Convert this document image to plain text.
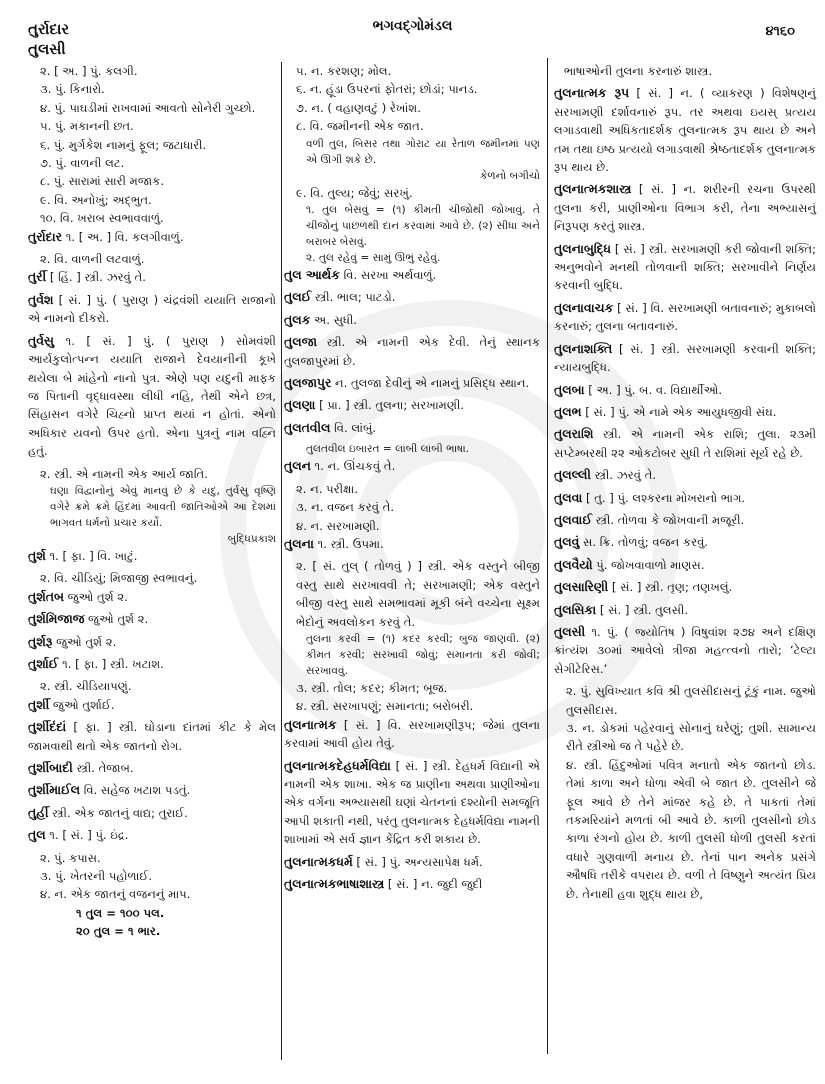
તુર્રાદાર
તુલસી
ભગવદ્ગોમંડલ	૪૧૬૦
૨. [ અ. ] પું. કલગી.
૩. પું. કિનારો.
૪. પું. પાઘડીમાં રાખવામાં આવતો સોનેરી ગુચ્છો.
૫. પું. મકાનની છત.
૬. પું. મુર્ગકેશ નામનું ફૂલ; જટાધારી.
૭. પું. વાળની લટ.
૮. પું. સારામાં સારી મજાક.
૯. વિ. અનોખું; અદ્ભુત.
૧૦. વિ. ખરાબ સ્વભાવવાળું.
તુર્રાદાર ૧. [ અ. ] વિ. કલગીવાળું.
૨. વિ. વાળની લટવાળું.
તુર્રી [ હિં. ] સ્ત્રી. ઝરવું તે.
તુર્વશ [ સં. ] પું. ( પુરાણ ) ચંદ્રવંશી યયાતિ રાજાનો એ નામનો દીકરો.
તુર્વસુ ૧. [ સં. ] પું. ( પુરાણ ) સોમવંશી આર્યકુલોત્પન્ન યયાતિ રાજાને દેવયાનીની કૂખે થયેલા બે માંહેનો નાનો પુત્ર. એણે પણ યદુની માફક જ પિતાની વૃદ્ધાવસ્થા લીધી નહિ, તેથી એને છત્ર, સિંહાસન વગેરે ચિહ્નો પ્રાપ્ત થયાં ન હોતાં. એનો અધિકાર યવનો ઉપર હતો. એના પુત્રનું નામ વહ્નિ હતું.
૨. સ્ત્રી. એ નામની એક આર્ય જાતિ.
ઘણા વિદ્વાનોનું એવું માનવું છે કે યદુ, તુર્વસુ વૃષ્ણિ વગેરે ક્રમે ક્રમે હિંદમાં આવતી જાતિઓએ આ દેશમાં ભાગવત ધર્મનો પ્રચાર કર્યો.
બુદ્ધિપ્રકાશ
તુર્શ ૧. [ ફા. ] વિ. ખાટું.
૨. વિ. ચીડિયું; મિજાજી સ્વભાવનું.
તુર્શતબ જુઓ તુર્શ ૨.
તુર્શમિજાજ જુઓ તુર્શ ૨.
તુર્શરૂ જુઓ તુર્શ ૨.
તુર્શાઈ ૧. [ ફા. ] સ્ત્રી. ખટાશ.
૨. સ્ત્રી. ચીડિયાપણું.
તુર્શી જુઓ તુર્શાઈ.
તુર્શીદંદાં [ ફા. ] સ્ત્રી. ઘોડાના દાંતમાં કીટ કે મેલ જામવાથી થતો એક જાતનો રોગ.
તુર્શીબાદી સ્ત્રી. તેજાબ.
તુર્શીમાઈલ વિ. સહેજ ખટાશ પડતું.
તુર્હી સ્ત્રી. એક જાતનું વાદ્ય; તુરાઈ.
તુલ ૧. [ સં. ] પું. ઇંદ્ર.
૨. પું. કપાસ.
૩. પું. ખેતરની પહોળાઈ.
૪. ન. એક જાતનું વજનનું માપ.
૧ તુલ = ૧૦૦ પલ.
૨૦ તુલ = ૧ ભાર.
૫. ન. કરશણ; મોલ.
૬. ન. હૂંડા ઉપરનાં ફોતરાં; છોડાં; પાનડ.
૭. ન. ( વહાણવટું ) રેખાંશ.
૮. વિ. જમીનની એક જાત.
વળી તુલ, બિસર તથા ગોરાટ યા રેતાળ જમીનમાં પણ એ ઊગી શકે છે.
કેળનો બગીચો
૯. વિ. તુલ્ય; જેવું; સરખું.
૧. તુલ બેસવું = (૧) કીમતી ચીજોથી જોખાવું. તે ચીજોનું પાછળથી દાન કરવામાં આવે છે. (૨) સીધા અને બરાબર બેસવું.
૨. તુલ રહેવું = સામું ઊભું રહેવું.
તુલ આર્થક વિ. સરખા અર્થવાળું.
તુલઈ સ્ત્રી. ભાલ; પાટડો.
તુલક અ. સુધી.
તુલજા સ્ત્રી. એ નામની એક દેવી. તેનું સ્થાનક તુલજાપુરમાં છે.
તુલજાપુર ન. તુલજા દેવીનું એ નામનું પ્રસિદ્ધ સ્થાન.
તુલણા [ પ્રા. ] સ્ત્રી. તુલના; સરખામણી.
તુલતવીલ વિ. લાંબું.
તુલતવીલ ઇબારત = લાંબી લાંબી ભાષા.
તુલન ૧. ન. ઊંચકવું તે.
૨. ન. પરીક્ષા.
૩. ન. વજન કરવું તે.
૪. ન. સરખામણી.
તુલના ૧. સ્ત્રી. ઉપમા.
૨. [ સં. તુલ્ ( તોળવું ) ] સ્ત્રી. એક વસ્તુને બીજી વસ્તુ સાથે સરખાવવી તે; સરખામણી; એક વસ્તુને બીજી વસ્તુ સાથે સમભાવમાં મૂકી બંને વચ્ચેના સૂક્ષ્મ ભેદોનું અવલોકન કરવું તે.
તુલના કરવી = (૧) કદર કરવી; બુજ જાણવી. (૨) કીમત કરવી; સરખાવી જોવું; સમાનતા કરી જોવી; સરખાવવું.
૩. સ્ત્રી. તોલ; કદર; કીમત; બૂજ.
૪. સ્ત્રી. સરખાપણું; સમાનતા; બરોબરી.
તુલનાત્મક [ સં. ] વિ. સરખામણીરૂપ; જેમાં તુલના કરવામાં આવી હોય તેવું.
તુલનાત્મકદેહધર્મવિદ્યા [ સં. ] સ્ત્રી. દેહધર્મ વિદ્યાની એ નામની એક શાખા. એક જ પ્રાણીના અથવા પ્રાણીઓના એક વર્ગના અભ્યાસથી ઘણાં ચેતનનાં દશ્યોની સમજૂતિ આપી શકાતી નથી, પરંતુ તુલનાત્મક દેહધર્મવિદ્યા નામની શાખામાં એ સર્વ જ્ઞાન કેંદ્રિત કરી શકાય છે.
તુલનાત્મકધર્મ [ સં. ] પું. અન્યસાપેક્ષ ધર્મ.
તુલનાત્મકભાષાશાસ્ત્ર [ સં. ] ન. જુદી જુદી
ભાષાઓની તુલના કરનારું શાસ્ત્ર.
તુલનાત્મક રૂપ [ સં. ] ન. ( વ્યાકરણ ) વિશેષણનું સરખામણી દર્શાવનારું રૂપ. તર અથવા ઇયસ્ પ્રત્યય લગાડવાથી અધિકતાદર્શક તુલનાત્મક રૂપ થાય છે અને તમ તથા ઇષ્ઠ પ્રત્યયો લગાડવાથી શ્રેષ્ઠતાદર્શક તુલનાત્મક રૂપ થાય છે.
તુલનાત્મકશાસ્ત્ર [ સં. ] ન. શરીરની રચના ઉપરથી તુલના કરી, પ્રાણીઓના વિભાગ કરી, તેના અભ્યાસનું નિરૂપણ કરતું શાસ્ત્ર.
તુલનાબુદ્ધિ [ સં. ] સ્ત્રી. સરખામણી કરી જોવાની શક્તિ; અનુભવોને મનથી તોળવાની શક્તિ; સરખાવીને નિર્ણય કરવાની બુદ્ધિ.
તુલનાવાચક [ સં. ] વિ. સરખામણી બતાવનારું; મુકાબલો કરનારું; તુલના બતાવનારું.
તુલનાશક્તિ [ સં. ] સ્ત્રી. સરખામણી કરવાની શક્તિ; ન્યાયબુદ્ધિ.
તુલબા [ અ. ] પું. બ. વ. વિદ્યાર્થીઓ.
તુલભ [ સં. ] પું. એ નામે એક આયુધજીવી સંઘ.
તુલરાશિ સ્ત્રી. એ નામની એક રાશિ; તુલા. ૨૩મી સપ્ટેમ્બરથી ૨૨ ઓકટોબર સુધી તે રાશિમાં સૂર્ય રહે છે.
તુલલ્લી સ્ત્રી. ઝરવું તે.
તુલવા [ તુ. ] પું. લશ્કરના મોખરાનો ભાગ.
તુલવાઈ સ્ત્રી. તોળવા કે જોખવાની મજૂરી.
તુલવું સ. ક્રિ. તોળવું; વજન કરવું.
તુલવૈયો પું. જોખવાવાળો માણસ.
તુલસારિણી [ સં. ] સ્ત્રી. તૃણ; તણખલું.
તુલસિકા [ સં. ] સ્ત્રી. તુલસી.
તુલસી ૧. પું. ( જ્યોતિષ ) વિષુવાંશ ૨૭૪ અને દક્ષિણ ક્રાંત્યંશ ૩૦માં આવેલો ત્રીજા મહત્ત્વનો તારો; ‘ટેલ્ટા સેગીટેરિસ.’
૨. પું. સુવિખ્યાત કવિ શ્રી તુલસીદાસનું ટૂંકું નામ. જુઓ તુલસીદાસ.
૩. ન. ડોકમાં પહેરવાનું સોનાનું ઘરેણું; તુશી. સામાન્ય રીતે સ્ત્રીઓ જ તે પહેરે છે.
૪. સ્ત્રી. હિંદુઓમાં પવિત્ર મનાતો એક જાતનો છોડ. તેમાં કાળા અને ધોળા એવી બે જાત છે. તુલસીને જે ફૂલ આવે છે તેને માંજર કહે છે. તે પાકતાં તેમાં તકમરિયાંને મળતાં બી આવે છે. કાળી તુલસીનો છોડ કાળા રંગનો હોય છે. કાળી તુલસી ધોળી તુલસી કરતાં વધારે ગુણવાળી મનાય છે. તેનાં પાન અનેક પ્રસંગે ઔષધિ તરીકે વપરાય છે. વળી તે વિષ્ણુને અત્યંત પ્રિય છે. તેનાથી હવા શુદ્ધ થાય છે,
